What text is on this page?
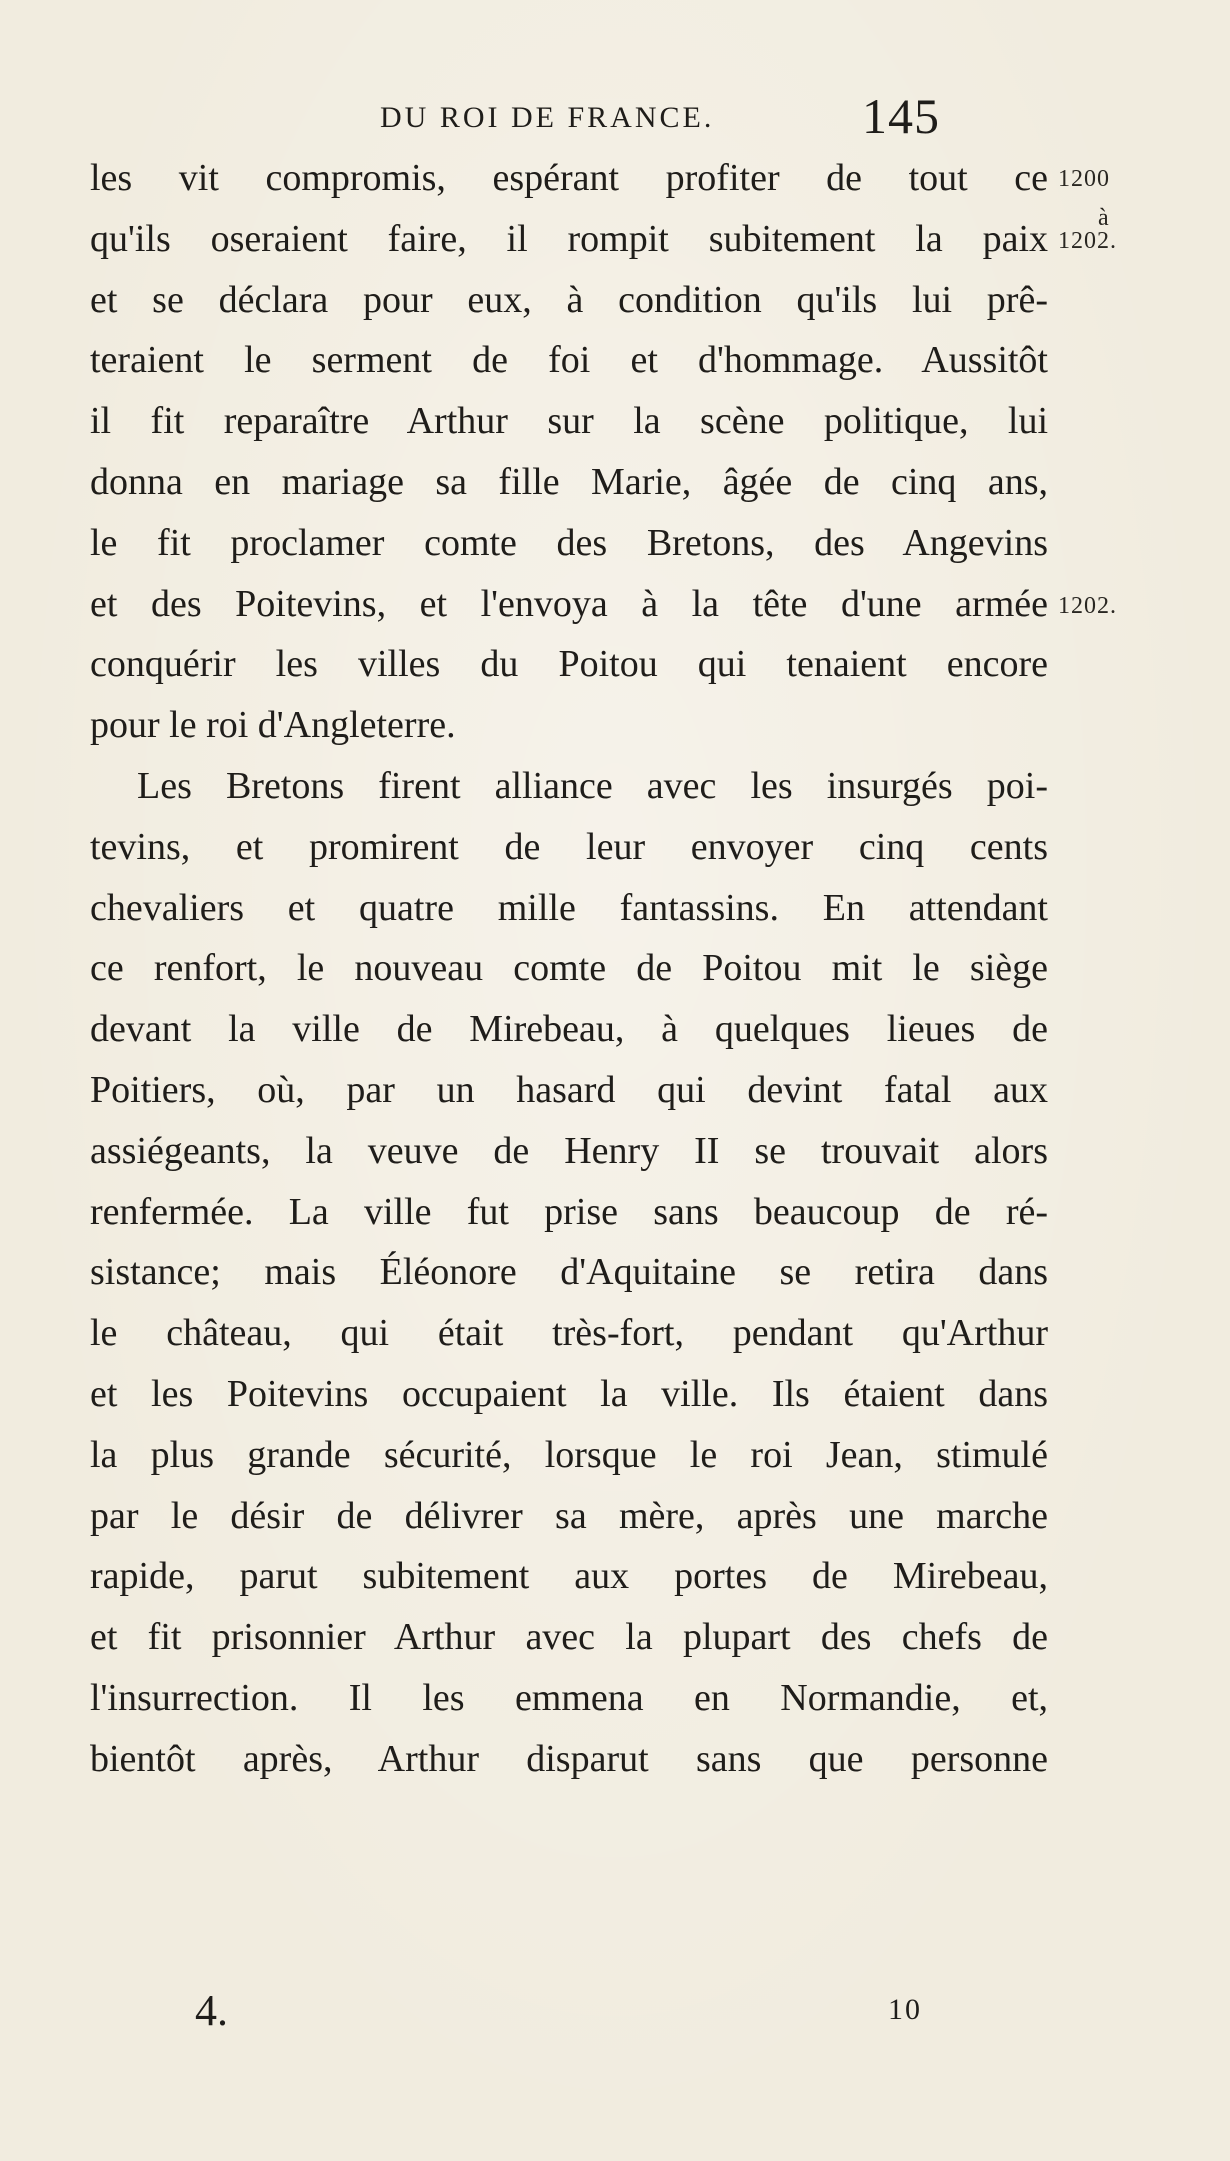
DU ROI DE FRANCE.	145
les vit compromis, espérant profiter de tout ce
qu'ils oseraient faire, il rompit subitement la paix
et se déclara pour eux, à condition qu'ils lui prê-
teraient le serment de foi et d'hommage. Aussitôt
il fit reparaître Arthur sur la scène politique, lui
donna en mariage sa fille Marie, âgée de cinq ans,
le fit proclamer comte des Bretons, des Angevins
et des Poitevins, et l'envoya à la tête d'une armée
conquérir les villes du Poitou qui tenaient encore
pour le roi d'Angleterre.
Les Bretons firent alliance avec les insurgés poi-
tevins, et promirent de leur envoyer cinq cents
chevaliers et quatre mille fantassins. En attendant
ce renfort, le nouveau comte de Poitou mit le siège
devant la ville de Mirebeau, à quelques lieues de
Poitiers, où, par un hasard qui devint fatal aux
assiégeants, la veuve de Henry II se trouvait alors
renfermée. La ville fut prise sans beaucoup de ré-
sistance; mais Éléonore d'Aquitaine se retira dans
le château, qui était très-fort, pendant qu'Arthur
et les Poitevins occupaient la ville. Ils étaient dans
la plus grande sécurité, lorsque le roi Jean, stimulé
par le désir de délivrer sa mère, après une marche
rapide, parut subitement aux portes de Mirebeau,
et fit prisonnier Arthur avec la plupart des chefs de
l'insurrection. Il les emmena en Normandie, et,
bientôt après, Arthur disparut sans que personne
1200
à
1202.
1202.
4.	10
